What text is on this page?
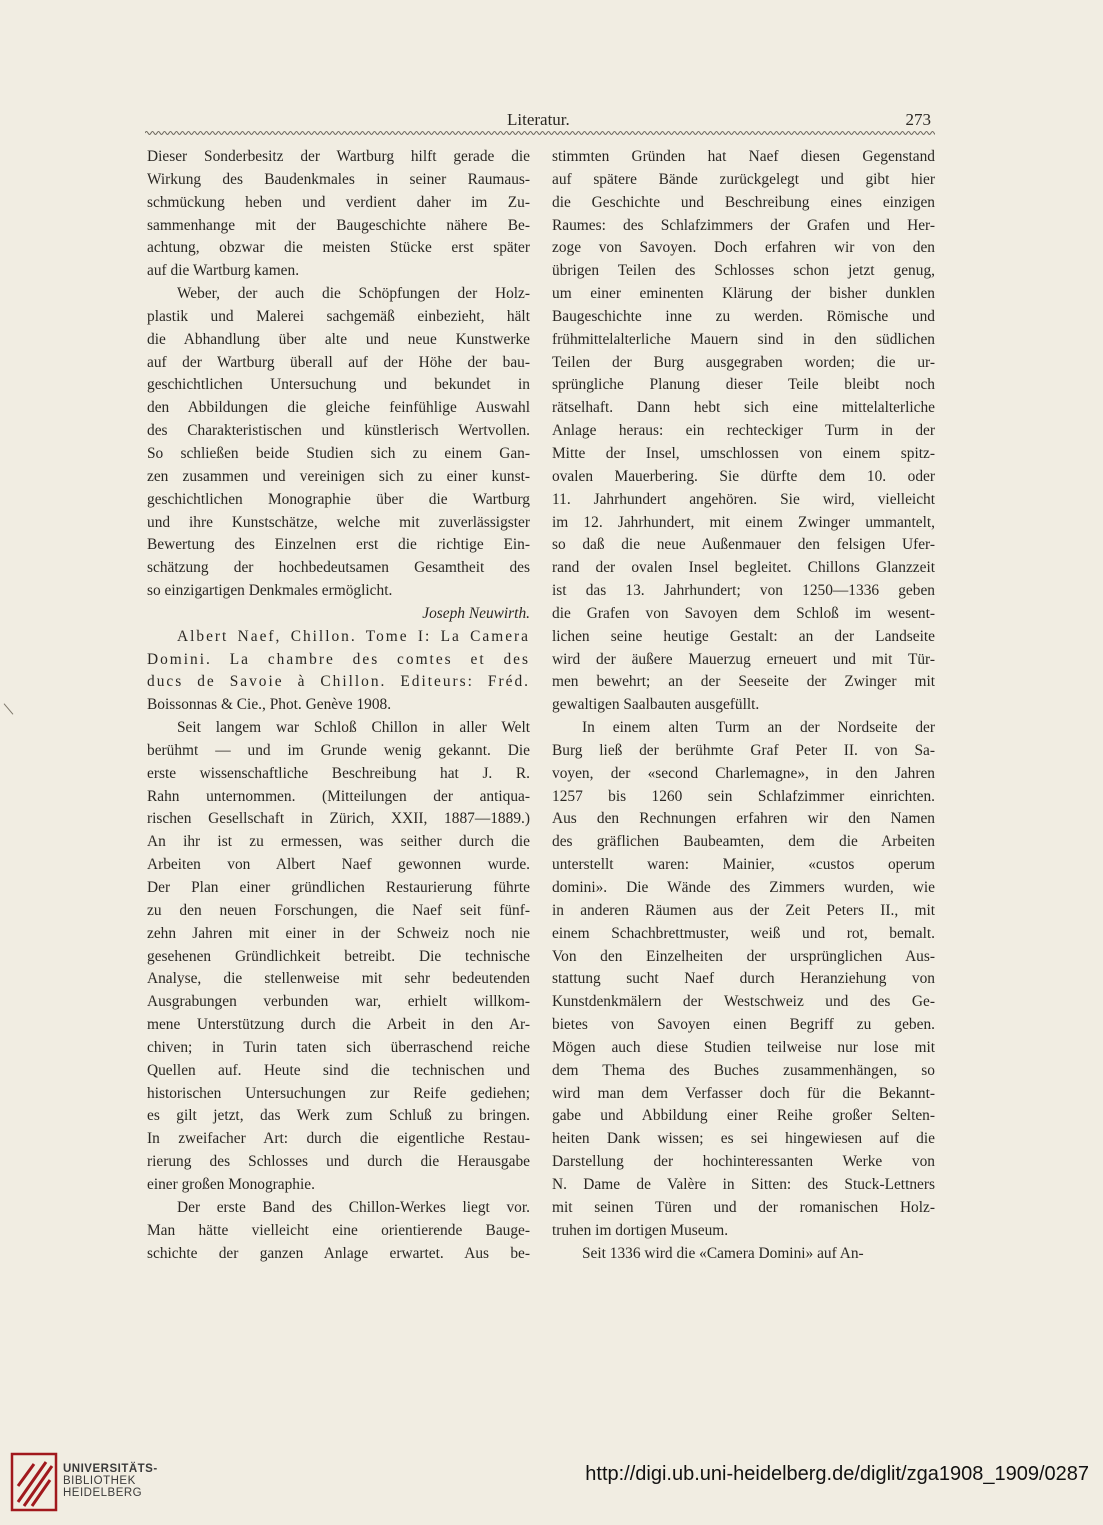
Literatur.	273
Dieser Sonderbesitz der Wartburg hilft gerade die
Wirkung des Baudenkmales in seiner Raumaus-
schmückung heben und verdient daher im Zu-
sammenhange mit der Baugeschichte nähere Be-
achtung, obzwar die meisten Stücke erst später
auf die Wartburg kamen.
Weber, der auch die Schöpfungen der Holz-
plastik und Malerei sachgemäß einbezieht, hält
die Abhandlung über alte und neue Kunstwerke
auf der Wartburg überall auf der Höhe der bau-
geschichtlichen Untersuchung und bekundet in
den Abbildungen die gleiche feinfühlige Auswahl
des Charakteristischen und künstlerisch Wertvollen.
So schließen beide Studien sich zu einem Gan-
zen zusammen und vereinigen sich zu einer kunst-
geschichtlichen Monographie über die Wartburg
und ihre Kunstschätze, welche mit zuverlässigster
Bewertung des Einzelnen erst die richtige Ein-
schätzung der hochbedeutsamen Gesamtheit des
so einzigartigen Denkmales ermöglicht.
Joseph Neuwirth.
Albert Naef, Chillon. Tome I: La Camera
Domini. La chambre des comtes et des
ducs de Savoie à Chillon. Editeurs: Fréd.
Boissonnas & Cie., Phot. Genève 1908.
Seit langem war Schloß Chillon in aller Welt
berühmt — und im Grunde wenig gekannt. Die
erste wissenschaftliche Beschreibung hat J. R.
Rahn unternommen. (Mitteilungen der antiqua-
rischen Gesellschaft in Zürich, XXII, 1887—1889.)
An ihr ist zu ermessen, was seither durch die
Arbeiten von Albert Naef gewonnen wurde.
Der Plan einer gründlichen Restaurierung führte
zu den neuen Forschungen, die Naef seit fünf-
zehn Jahren mit einer in der Schweiz noch nie
gesehenen Gründlichkeit betreibt. Die technische
Analyse, die stellenweise mit sehr bedeutenden
Ausgrabungen verbunden war, erhielt willkom-
mene Unterstützung durch die Arbeit in den Ar-
chiven; in Turin taten sich überraschend reiche
Quellen auf. Heute sind die technischen und
historischen Untersuchungen zur Reife gediehen;
es gilt jetzt, das Werk zum Schluß zu bringen.
In zweifacher Art: durch die eigentliche Restau-
rierung des Schlosses und durch die Herausgabe
einer großen Monographie.
Der erste Band des Chillon-Werkes liegt vor.
Man hätte vielleicht eine orientierende Bauge-
schichte der ganzen Anlage erwartet. Aus be-
stimmten Gründen hat Naef diesen Gegenstand
auf spätere Bände zurückgelegt und gibt hier
die Geschichte und Beschreibung eines einzigen
Raumes: des Schlafzimmers der Grafen und Her-
zoge von Savoyen. Doch erfahren wir von den
übrigen Teilen des Schlosses schon jetzt genug,
um einer eminenten Klärung der bisher dunklen
Baugeschichte inne zu werden. Römische und
frühmittelalterliche Mauern sind in den südlichen
Teilen der Burg ausgegraben worden; die ur-
sprüngliche Planung dieser Teile bleibt noch
rätselhaft. Dann hebt sich eine mittelalterliche
Anlage heraus: ein rechteckiger Turm in der
Mitte der Insel, umschlossen von einem spitz-
ovalen Mauerbering. Sie dürfte dem 10. oder
11. Jahrhundert angehören. Sie wird, vielleicht
im 12. Jahrhundert, mit einem Zwinger ummantelt,
so daß die neue Außenmauer den felsigen Ufer-
rand der ovalen Insel begleitet. Chillons Glanzzeit
ist das 13. Jahrhundert; von 1250—1336 geben
die Grafen von Savoyen dem Schloß im wesent-
lichen seine heutige Gestalt: an der Landseite
wird der äußere Mauerzug erneuert und mit Tür-
men bewehrt; an der Seeseite der Zwinger mit
gewaltigen Saalbauten ausgefüllt.
In einem alten Turm an der Nordseite der
Burg ließ der berühmte Graf Peter II. von Sa-
voyen, der «second Charlemagne», in den Jahren
1257 bis 1260 sein Schlafzimmer einrichten.
Aus den Rechnungen erfahren wir den Namen
des gräflichen Baubeamten, dem die Arbeiten
unterstellt waren: Mainier, «custos operum
domini». Die Wände des Zimmers wurden, wie
in anderen Räumen aus der Zeit Peters II., mit
einem Schachbrettmuster, weiß und rot, bemalt.
Von den Einzelheiten der ursprünglichen Aus-
stattung sucht Naef durch Heranziehung von
Kunstdenkmälern der Westschweiz und des Ge-
bietes von Savoyen einen Begriff zu geben.
Mögen auch diese Studien teilweise nur lose mit
dem Thema des Buches zusammenhängen, so
wird man dem Verfasser doch für die Bekannt-
gabe und Abbildung einer Reihe großer Selten-
heiten Dank wissen; es sei hingewiesen auf die
Darstellung der hochinteressanten Werke von
N. Dame de Valère in Sitten: des Stuck-Lettners
mit seinen Türen und der romanischen Holz-
truhen im dortigen Museum.
Seit 1336 wird die «Camera Domini» auf An-
UNIVERSITÄTS-
BIBLIOTHEK
HEIDELBERG
http://digi.ub.uni-heidelberg.de/diglit/zga1908_1909/0287
